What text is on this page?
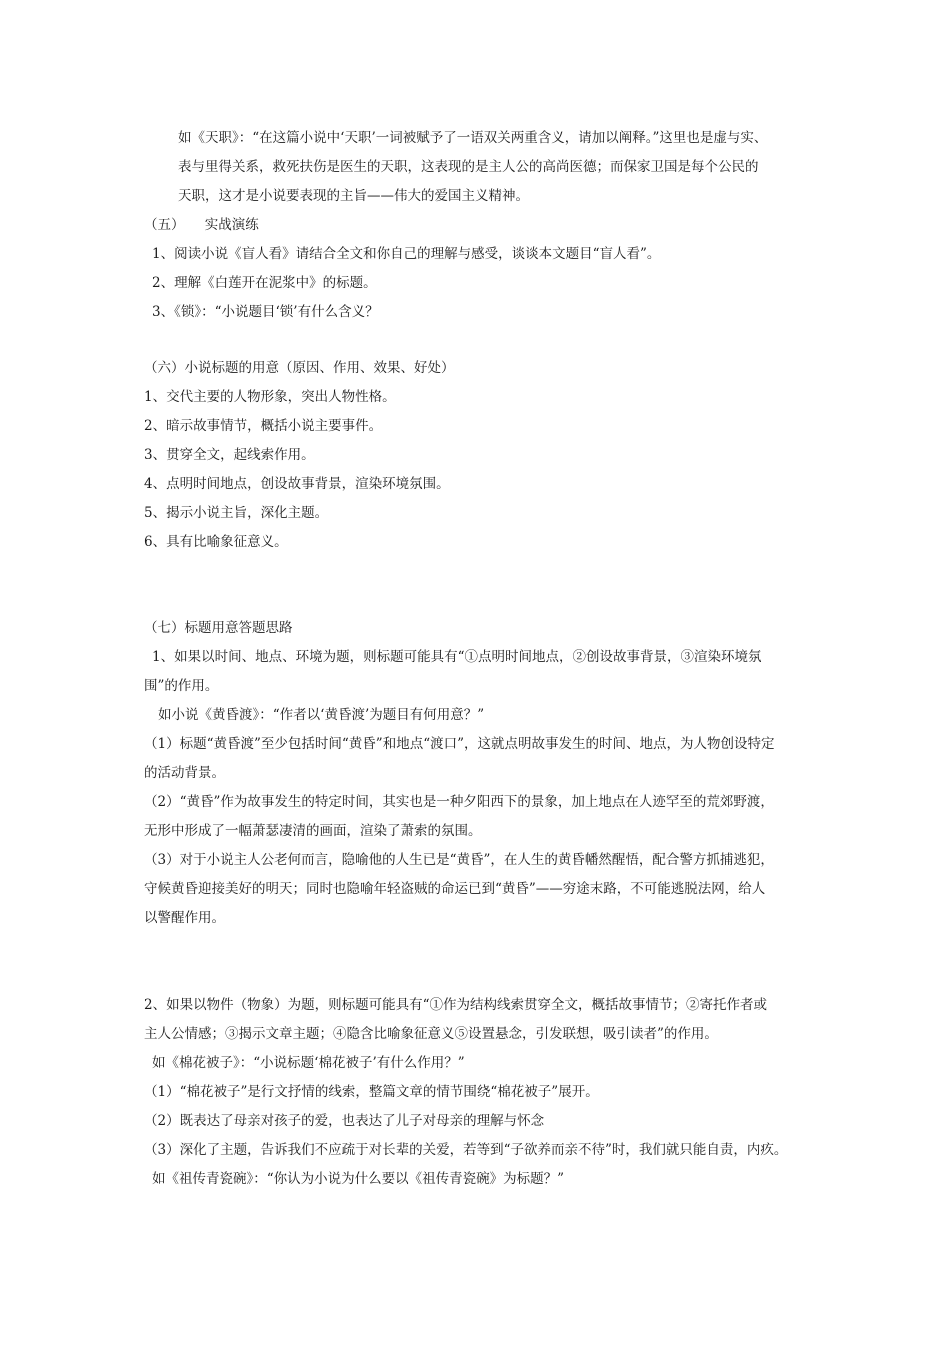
如《天职》：“在这篇小说中‘天职’一词被赋予了一语双关两重含义，请加以阐释。”这里也是虚与实、
表与里得关系，救死扶伤是医生的天职，这表现的是主人公的高尚医德；而保家卫国是每个公民的
天职，这才是小说要表现的主旨——伟大的爱国主义精神。
（五）　　实战演练
1、阅读小说《盲人看》请结合全文和你自己的理解与感受，谈谈本文题目“盲人看”。
2、理解《白莲开在泥浆中》的标题。
3、《锁》：“小说题目‘锁’有什么含义？
（六）小说标题的用意（原因、作用、效果、好处）
1、交代主要的人物形象，突出人物性格。
2、暗示故事情节，概括小说主要事件。
3、贯穿全文，起线索作用。
4、点明时间地点，创设故事背景，渲染环境氛围。
5、揭示小说主旨，深化主题。
6、具有比喻象征意义。
（七）标题用意答题思路
1、如果以时间、地点、环境为题，则标题可能具有“①点明时间地点，②创设故事背景，③渲染环境氛
围”的作用。
如小说《黄昏渡》：“作者以‘黄昏渡’为题目有何用意？”
（1）标题“黄昏渡”至少包括时间“黄昏”和地点“渡口”，这就点明故事发生的时间、地点，为人物创设特定
的活动背景。
（2）“黄昏”作为故事发生的特定时间，其实也是一种夕阳西下的景象，加上地点在人迹罕至的荒郊野渡，
无形中形成了一幅萧瑟凄清的画面，渲染了萧索的氛围。
（3）对于小说主人公老何而言，隐喻他的人生已是“黄昏”，在人生的黄昏幡然醒悟，配合警方抓捕逃犯，
守候黄昏迎接美好的明天；同时也隐喻年轻盗贼的命运已到“黄昏”——穷途末路，不可能逃脱法网，给人
以警醒作用。
2、如果以物件（物象）为题，则标题可能具有“①作为结构线索贯穿全文，概括故事情节；②寄托作者或
主人公情感；③揭示文章主题；④隐含比喻象征意义⑤设置悬念，引发联想，吸引读者”的作用。
如《棉花被子》：“小说标题‘棉花被子’有什么作用？”
（1）“棉花被子”是行文抒情的线索，整篇文章的情节围绕“棉花被子”展开。
（2）既表达了母亲对孩子的爱，也表达了儿子对母亲的理解与怀念
（3）深化了主题，告诉我们不应疏于对长辈的关爱，若等到“子欲养而亲不待”时，我们就只能自责，内疚。
如《祖传青瓷碗》：“你认为小说为什么要以《祖传青瓷碗》为标题？”
